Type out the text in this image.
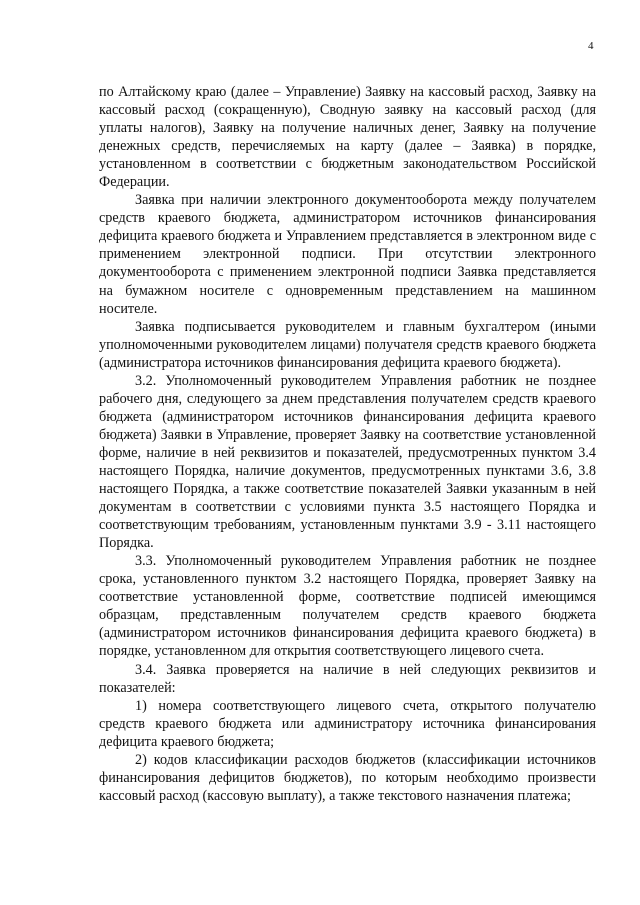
4

по Алтайскому краю (далее – Управление) Заявку на кассовый расход, Заявку на кассовый расход (сокращенную), Сводную заявку на кассовый расход (для уплаты налогов), Заявку на получение наличных денег, Заявку на получение денежных средств, перечисляемых на карту (далее – Заявка) в порядке, установленном в соответствии с бюджетным законодательством Российской Федерации.

Заявка при наличии электронного документооборота между получателем средств краевого бюджета, администратором источников финансирования дефицита краевого бюджета и Управлением представляется в электронном виде с применением электронной подписи. При отсутствии электронного документооборота с применением электронной подписи Заявка представляется на бумажном носителе с одновременным представлением на машинном носителе.

Заявка подписывается руководителем и главным бухгалтером (иными уполномоченными руководителем лицами) получателя средств краевого бюджета (администратора источников финансирования дефицита краевого бюджета).

3.2. Уполномоченный руководителем Управления работник не позднее рабочего дня, следующего за днем представления получателем средств краевого бюджета (администратором источников финансирования дефицита краевого бюджета) Заявки в Управление, проверяет Заявку на соответствие установленной форме, наличие в ней реквизитов и показателей, предусмотренных пунктом 3.4 настоящего Порядка, наличие документов, предусмотренных пунктами 3.6, 3.8 настоящего Порядка, а также соответствие показателей Заявки указанным в ней документам в соответствии с условиями пункта 3.5 настоящего Порядка и соответствующим требованиям, установленным пунктами 3.9 - 3.11 настоящего Порядка.

3.3. Уполномоченный руководителем Управления работник не позднее срока, установленного пунктом 3.2 настоящего Порядка, проверяет Заявку на соответствие установленной форме, соответствие подписей имеющимся образцам, представленным получателем средств краевого бюджета (администратором источников финансирования дефицита краевого бюджета) в порядке, установленном для открытия соответствующего лицевого счета.

3.4. Заявка проверяется на наличие в ней следующих реквизитов и показателей:

1) номера соответствующего лицевого счета, открытого получателю средств краевого бюджета или администратору источника финансирования дефицита краевого бюджета;

2) кодов классификации расходов бюджетов (классификации источников финансирования дефицитов бюджетов), по которым необходимо произвести кассовый расход (кассовую выплату), а также текстового назначения платежа;
